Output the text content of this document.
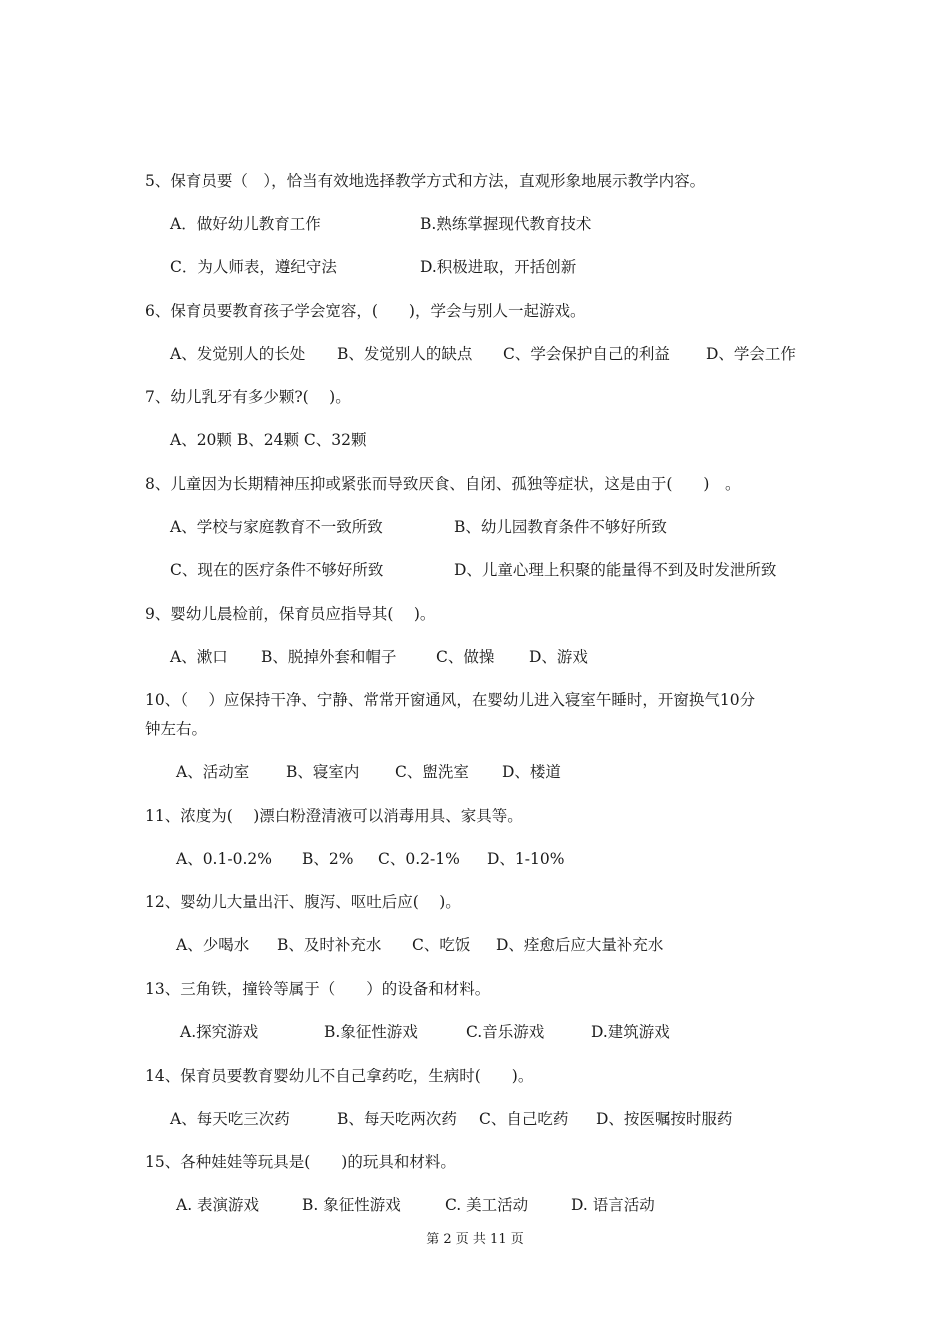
5、保育员要（　），恰当有效地选择教学方式和方法，直观形象地展示教学内容。
A．做好幼儿教育工作	B.熟练掌握现代教育技术
C．为人师表，遵纪守法	D.积极进取，开括创新
6、保育员要教育孩子学会宽容，(　　)，学会与别人一起游戏。
A、发觉别人的长处 B、发觉别人的缺点 C、学会保护自己的利益 D、学会工作
7、幼儿乳牙有多少颗?(　 )。
A、20颗 B、24颗 C、32颗
8、儿童因为长期精神压抑或紧张而导致厌食、自闭、孤独等症状，这是由于(　　)　。
A、学校与家庭教育不一致所致	B、幼儿园教育条件不够好所致
C、现在的医疗条件不够好所致	D、儿童心理上积聚的能量得不到及时发泄所致
9、婴幼儿晨检前，保育员应指导其(　 )。
A、漱口 B、脱掉外套和帽子	C、做操 D、游戏
10、（　 ）应保持干净、宁静、常常开窗通风，在婴幼儿进入寝室午睡时，开窗换气10分
钟左右。
A、活动室 B、寝室内 C、盥洗室 D、楼道
11、浓度为(　 )漂白粉澄清液可以消毒用具、家具等。
A、0.1-0.2% B、2% C、0.2-1% D、1-10%
12、婴幼儿大量出汗、腹泻、呕吐后应(　 )。
A、少喝水 B、及时补充水 C、吃饭 D、痊愈后应大量补充水
13、三角铁，撞铃等属于（　　）的设备和材料。
A.探究游戏	B.象征性游戏	C.音乐游戏	D.建筑游戏
14、保育员要教育婴幼儿不自己拿药吃，生病时(　　)。
A、每天吃三次药	B、每天吃两次药 C、自己吃药 D、按医嘱按时服药
15、各种娃娃等玩具是(　　)的玩具和材料。
A. 表演游戏	B. 象征性游戏	C. 美工活动	D. 语言活动
第 2 页 共 11 页
